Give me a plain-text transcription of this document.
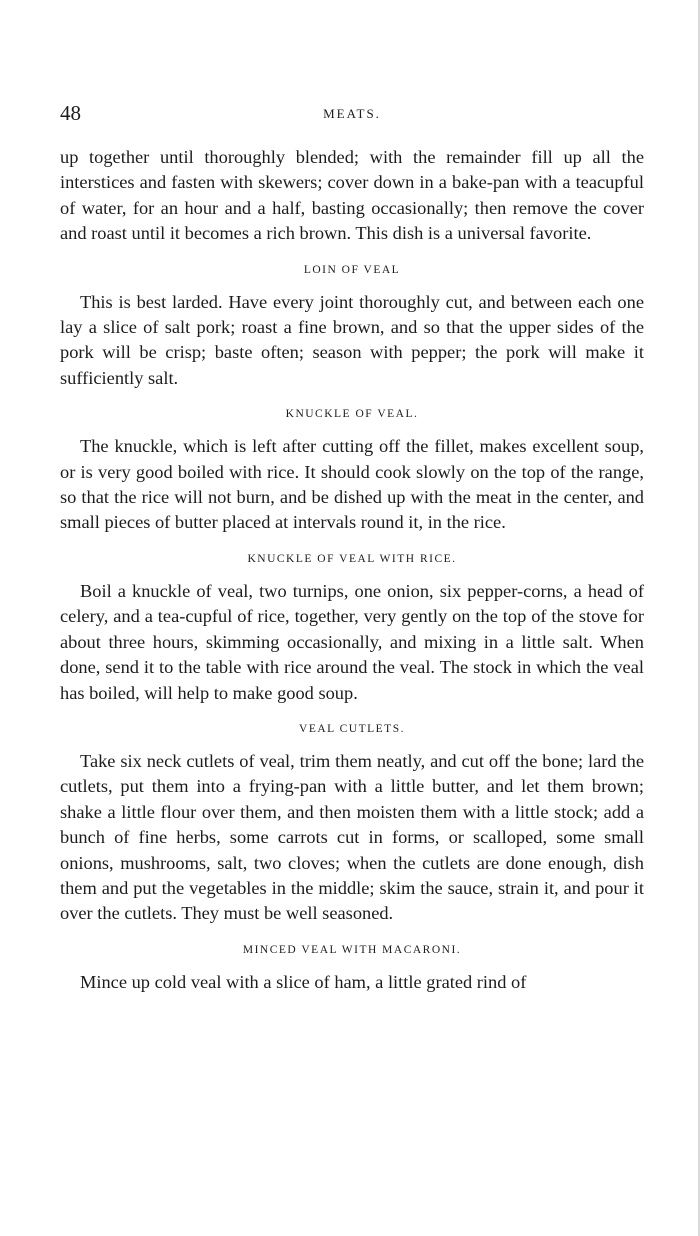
48	MEATS.

up together until thoroughly blended; with the remainder fill up all the interstices and fasten with skewers; cover down in a bake-pan with a teacupful of water, for an hour and a half, basting occasionally; then remove the cover and roast until it becomes a rich brown. This dish is a universal favorite.

LOIN OF VEAL

This is best larded. Have every joint thoroughly cut, and between each one lay a slice of salt pork; roast a fine brown, and so that the upper sides of the pork will be crisp; baste often; season with pepper; the pork will make it sufficiently salt.

KNUCKLE OF VEAL.

The knuckle, which is left after cutting off the fillet, makes excellent soup, or is very good boiled with rice. It should cook slowly on the top of the range, so that the rice will not burn, and be dished up with the meat in the center, and small pieces of butter placed at intervals round it, in the rice.

KNUCKLE OF VEAL WITH RICE.

Boil a knuckle of veal, two turnips, one onion, six pepper-corns, a head of celery, and a tea-cupful of rice, together, very gently on the top of the stove for about three hours, skimming occasionally, and mixing in a little salt. When done, send it to the table with rice around the veal. The stock in which the veal has boiled, will help to make good soup.

VEAL CUTLETS.

Take six neck cutlets of veal, trim them neatly, and cut off the bone; lard the cutlets, put them into a frying-pan with a little butter, and let them brown; shake a little flour over them, and then moisten them with a little stock; add a bunch of fine herbs, some carrots cut in forms, or scalloped, some small onions, mushrooms, salt, two cloves; when the cutlets are done enough, dish them and put the vegetables in the middle; skim the sauce, strain it, and pour it over the cutlets. They must be well seasoned.

MINCED VEAL WITH MACARONI.

Mince up cold veal with a slice of ham, a little grated rind of
